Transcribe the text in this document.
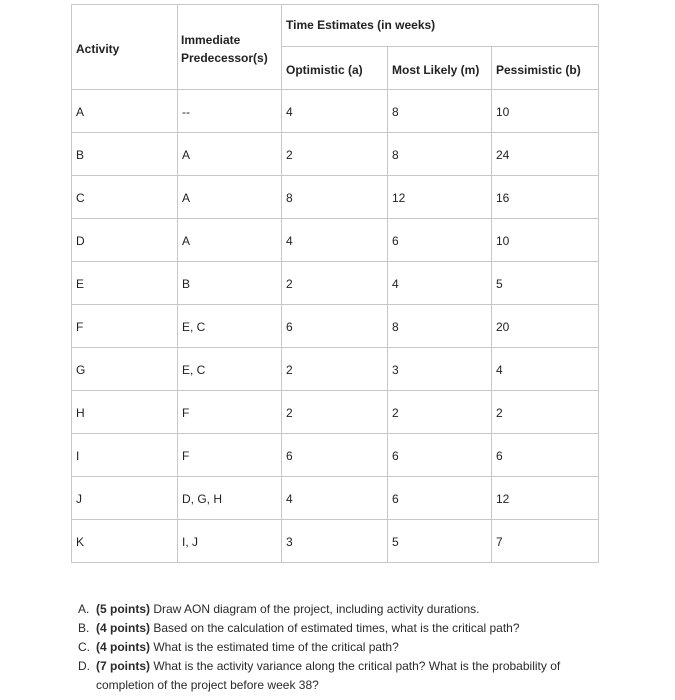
Activity	Immediate
Predecessor(s)	Time Estimates (in weeks)		

		Optimistic (a)	Most Likely (m)	Pessimistic (b)

A	--	4	8	10

B	A	2	8	24

C	A	8	12	16

D	A	4	6	10

E	B	2	4	5

F	E, C	6	8	20

G	E, C	2	3	4

H	F	2	2	2

I	F	6	6	6

J	D, G, H	4	6	12

K	I, J	3	5	7
A. (5 points) Draw AON diagram of the project, including activity durations.
B. (4 points) Based on the calculation of estimated times, what is the critical path?
C. (4 points) What is the estimated time of the critical path?
D. (7 points) What is the activity variance along the critical path? What is the probability of completion of the project before week 38?
